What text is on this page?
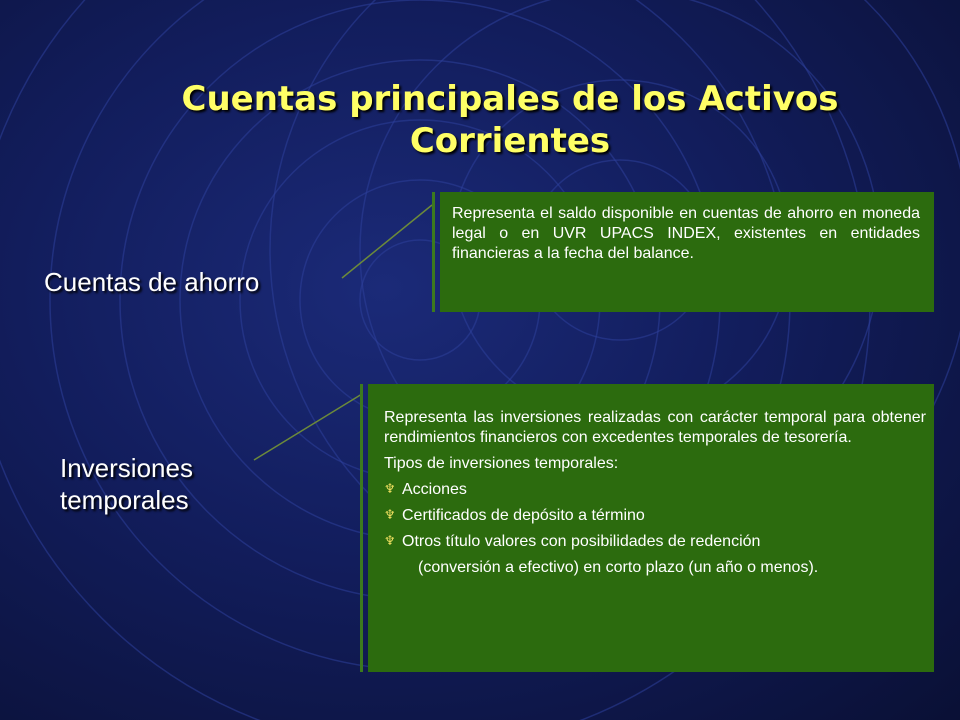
Cuentas principales de los Activos
Corrientes
Cuentas de ahorro

Representa el saldo disponible en cuentas de ahorro en moneda legal o en UVR UPACS INDEX, existentes en entidades financieras a la fecha del balance.

Inversiones
temporales

Representa las inversiones realizadas con carácter temporal para obtener rendimientos financieros con excedentes temporales de tesorería.

Tipos de inversiones temporales:

♆ Acciones
♆ Certificados de depósito a término
♆ Otros título valores con posibilidades de redención

(conversión a efectivo) en corto plazo (un año o menos).
